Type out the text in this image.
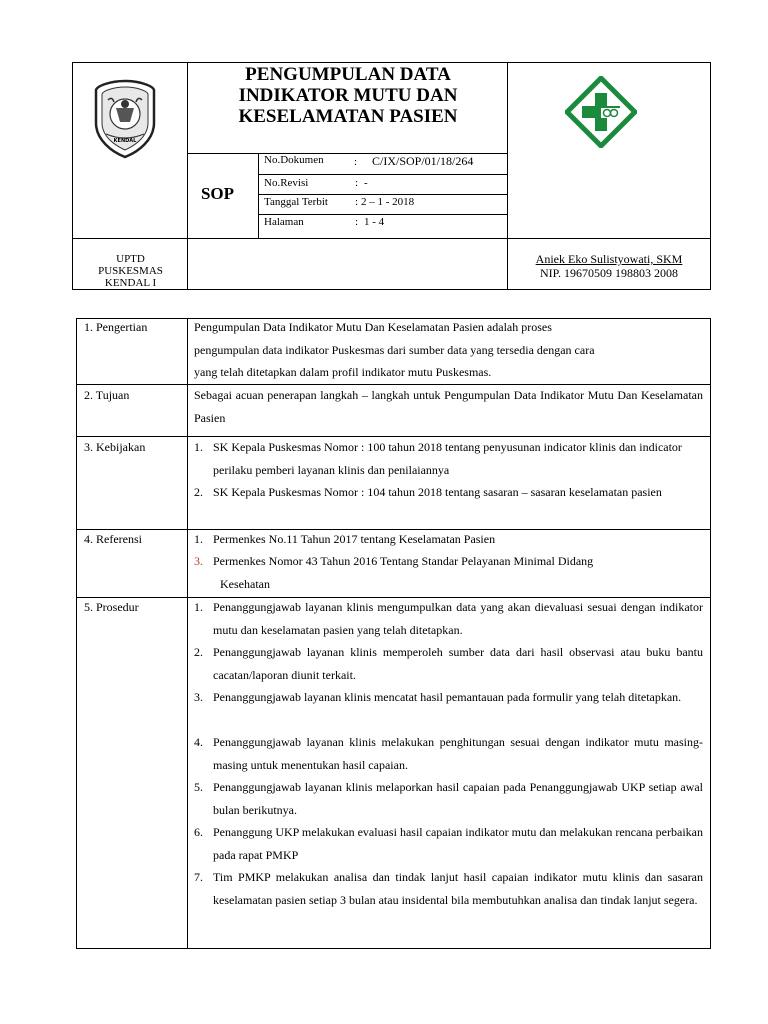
KENDAL
PENGUMPULAN DATA
INDIKATOR MUTU DAN
KESELAMATAN PASIEN
SOP
No.Dokumen	: C/IX/SOP/01/18/264
No.Revisi	: -
Tanggal Terbit : 2 – 1 - 2018
Halaman	: 1 - 4
UPTD
PUSKESMAS
KENDAL I
Aniek Eko Sulistyowati, SKM
NIP. 19670509 198803 2008
1. Pengertian	Pengumpulan Data Indikator Mutu Dan Keselamatan Pasien adalah proses
pengumpulan data indikator Puskesmas dari sumber data yang tersedia dengan cara
yang telah ditetapkan dalam profil indikator mutu Puskesmas.
2. Tujuan	Sebagai acuan penerapan langkah – langkah untuk Pengumpulan Data Indikator Mutu Dan Keselamatan Pasien
3. Kebijakan	1. SK Kepala Puskesmas Nomor : 100 tahun 2018 tentang penyusunan indicator klinis dan indicator perilaku pemberi layanan klinis dan penilaiannya
2. SK Kepala Puskesmas Nomor : 104 tahun 2018 tentang sasaran – sasaran keselamatan pasien
4. Referensi	1. Permenkes No.11 Tahun 2017 tentang Keselamatan Pasien
3. Permenkes Nomor 43 Tahun 2016 Tentang Standar Pelayanan Minimal Didang
Kesehatan
5. Prosedur	1. Penanggungjawab layanan klinis mengumpulkan data yang akan dievaluasi sesuai dengan indikator mutu dan keselamatan pasien yang telah ditetapkan.
2. Penanggungjawab layanan klinis memperoleh sumber data dari hasil observasi atau buku bantu cacatan/laporan diunit terkait.
3. Penanggungjawab layanan klinis mencatat hasil pemantauan pada formulir yang telah ditetapkan.
4. Penanggungjawab layanan klinis melakukan penghitungan sesuai dengan indikator mutu masing-masing untuk menentukan hasil capaian.
5. Penanggungjawab layanan klinis melaporkan hasil capaian pada Penanggungjawab UKP setiap awal bulan berikutnya.
6. Penanggung UKP melakukan evaluasi hasil capaian indikator mutu dan melakukan rencana perbaikan pada rapat PMKP
7. Tim PMKP melakukan analisa dan tindak lanjut hasil capaian indikator mutu klinis dan sasaran keselamatan pasien setiap 3 bulan atau insidental bila membutuhkan analisa dan tindak lanjut segera.
